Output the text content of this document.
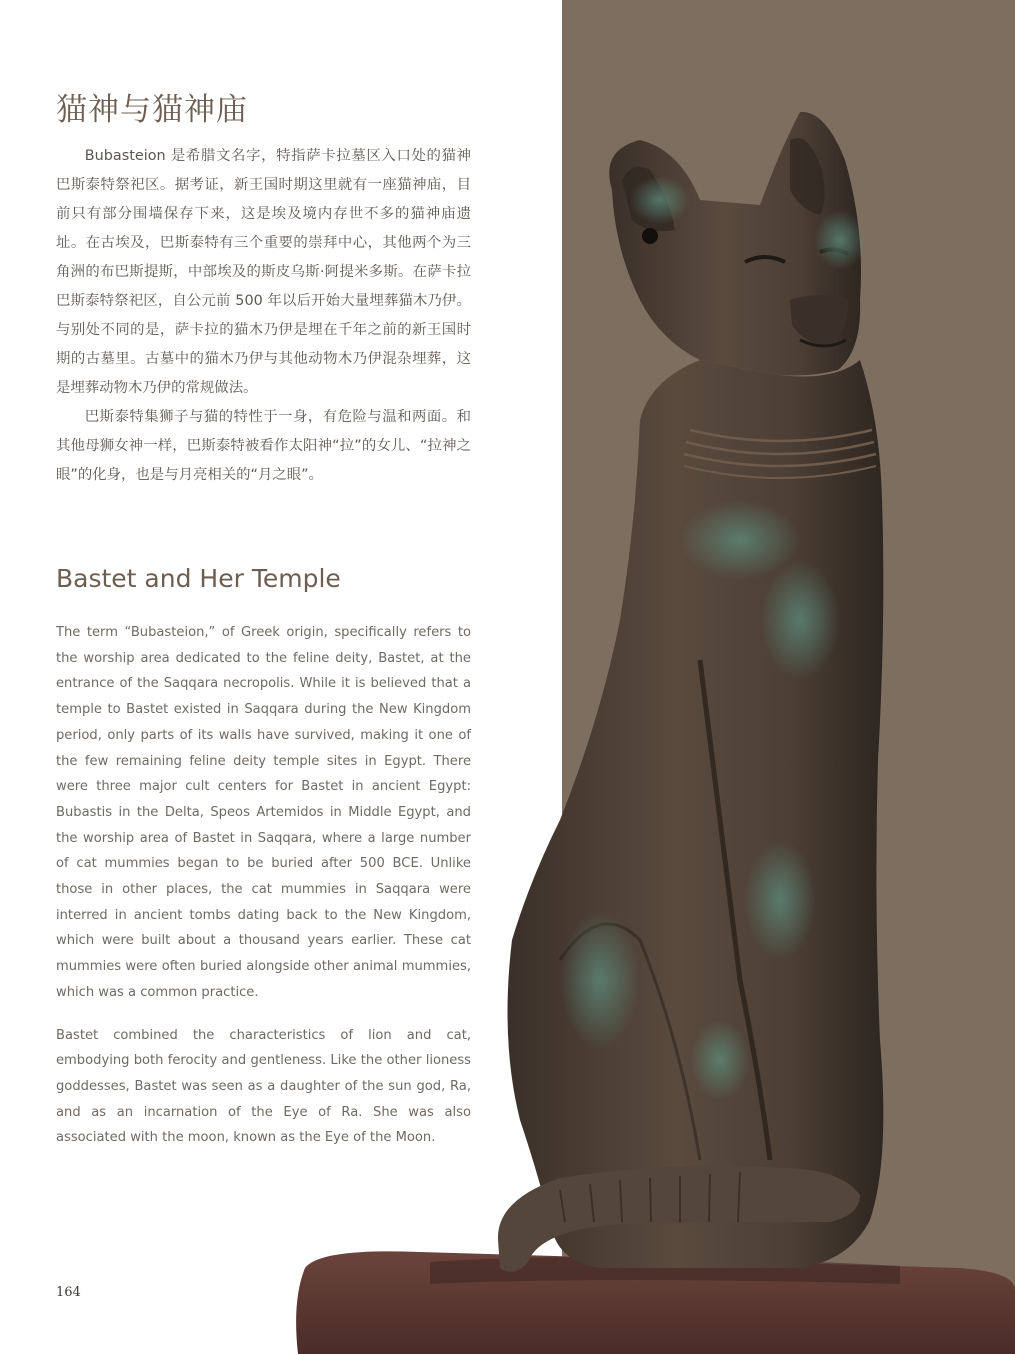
猫神与猫神庙

Bubasteion 是希腊文名字，特指萨卡拉墓区入口处的猫神巴斯泰特祭祀区。据考证，新王国时期这里就有一座猫神庙，目前只有部分围墙保存下来，这是埃及境内存世不多的猫神庙遗址。在古埃及，巴斯泰特有三个重要的崇拜中心，其他两个为三角洲的布巴斯提斯，中部埃及的斯皮乌斯·阿提米多斯。在萨卡拉巴斯泰特祭祀区，自公元前 500 年以后开始大量埋葬猫木乃伊。与别处不同的是，萨卡拉的猫木乃伊是埋在千年之前的新王国时期的古墓里。古墓中的猫木乃伊与其他动物木乃伊混杂埋葬，这是埋葬动物木乃伊的常规做法。

巴斯泰特集狮子与猫的特性于一身，有危险与温和两面。和其他母狮女神一样，巴斯泰特被看作太阳神“拉”的女儿、“拉神之眼”的化身，也是与月亮相关的“月之眼”。

Bastet and Her Temple

The term “Bubasteion,” of Greek origin, specifically refers to the worship area dedicated to the feline deity, Bastet, at the entrance of the Saqqara necropolis. While it is believed that a temple to Bastet existed in Saqqara during the New Kingdom period, only parts of its walls have survived, making it one of the few remaining feline deity temple sites in Egypt. There were three major cult centers for Bastet in ancient Egypt: Bubastis in the Delta, Speos Artemidos in Middle Egypt, and the worship area of Bastet in Saqqara, where a large number of cat mummies began to be buried after 500 BCE. Unlike those in other places, the cat mummies in Saqqara were interred in ancient tombs dating back to the New Kingdom, which were built about a thousand years earlier. These cat mummies were often buried alongside other animal mummies, which was a common practice.

Bastet combined the characteristics of lion and cat, embodying both ferocity and gentleness. Like the other lioness goddesses, Bastet was seen as a daughter of the sun god, Ra, and as an incarnation of the Eye of Ra. She was also associated with the moon, known as the Eye of the Moon.

164
